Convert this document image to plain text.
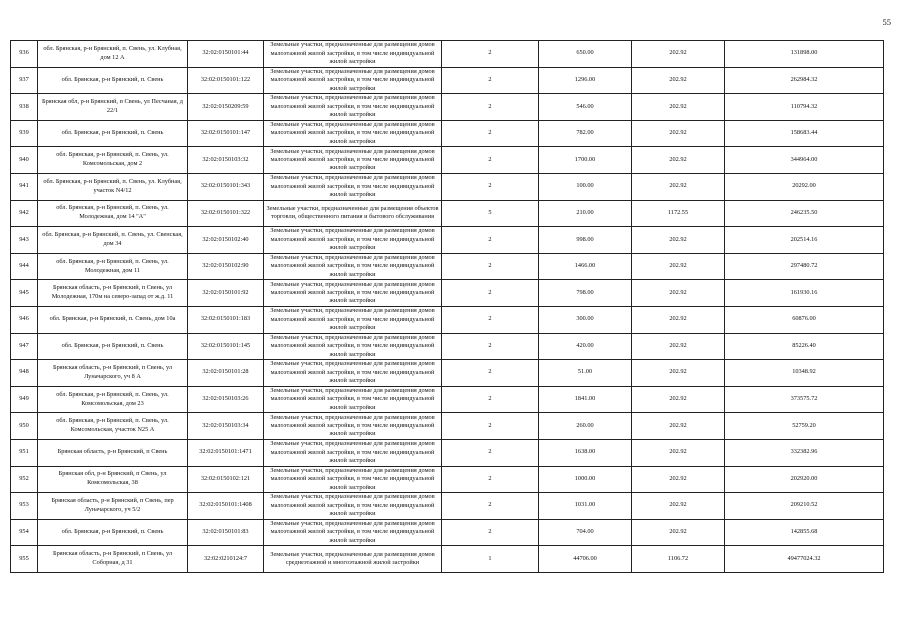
55
936	обл. Брянская, р-н Брянский, п. Свень, ул. Клубная, дом 12 А	32:02:0150101:44	Земельные участки, предназначенные для размещения домов малоэтажной жилой застройки, в том числе индивидуальной жилой застройки	2	650.00	202.92	131898.00
937	обл. Брянская, р-н Брянский, п. Свень	32:02:0150101:122	Земельные участки, предназначенные для размещения домов малоэтажной жилой застройки, в том числе индивидуальной жилой застройки	2	1296.00	202.92	262984.32
938	Брянская обл, р-н Брянский, п Свень, ул Песчаная, д 22/1	32:02:0150209:59	Земельные участки, предназначенные для размещения домов малоэтажной жилой застройки, в том числе индивидуальной жилой застройки	2	546.00	202.92	110794.32
939	обл. Брянская, р-н Брянский, п. Свень	32:02:0150101:147	Земельные участки, предназначенные для размещения домов малоэтажной жилой застройки, в том числе индивидуальной жилой застройки	2	782.00	202.92	158683.44
940	обл. Брянская, р-н Брянский, п. Свень, ул. Комсомольская, дом 2	32:02:0150103:32	Земельные участки, предназначенные для размещения домов малоэтажной жилой застройки, в том числе индивидуальной жилой застройки	2	1700.00	202.92	344964.00
941	обл. Брянская, р-н Брянский, п. Свень, ул. Клубная, участок N4/12	32:02:0150101:343	Земельные участки, предназначенные для размещения домов малоэтажной жилой застройки, в том числе индивидуальной жилой застройки	2	100.00	202.92	20292.00
942	обл. Брянская, р-н Брянский, п. Свень, ул. Молодежная, дом 14 "А"	32:02:0150101:322	Земельные участки, предназначенные для размещения объектов торговли, общественного питания и бытового обслуживания	5	210.00	1172.55	246235.50
943	обл. Брянская, р-н Брянский, п. Свень, ул. Свенская, дом 34	32:02:0150102:40	Земельные участки, предназначенные для размещения домов малоэтажной жилой застройки, в том числе индивидуальной жилой застройки	2	998.00	202.92	202514.16
944	обл. Брянская, р-н Брянский, п. Свень, ул. Молодежная, дом 11	32:02:0150102:90	Земельные участки, предназначенные для размещения домов малоэтажной жилой застройки, в том числе индивидуальной жилой застройки	2	1466.00	202.92	297480.72
945	Брянская область, р-н Брянский, п Свень, ул Молодежная, 170м на северо-запад от ж.д. 11	32:02:0150101:92	Земельные участки, предназначенные для размещения домов малоэтажной жилой застройки, в том числе индивидуальной жилой застройки	2	798.00	202.92	161930.16
946	обл. Брянская, р-н Брянский, п. Свень, дом 10а	32:02:0150101:183	Земельные участки, предназначенные для размещения домов малоэтажной жилой застройки, в том числе индивидуальной жилой застройки	2	300.00	202.92	60876.00
947	обл. Брянская, р-н Брянский, п. Свень	32:02:0150101:145	Земельные участки, предназначенные для размещения домов малоэтажной жилой застройки, в том числе индивидуальной жилой застройки	2	420.00	202.92	85226.40
948	Брянская область, р-н Брянский, п Свень, ул Луначарского, уч 8 А	32:02:0150101:28	Земельные участки, предназначенные для размещения домов малоэтажной жилой застройки, в том числе индивидуальной жилой застройки	2	51.00	202.92	10348.92
949	обл. Брянская, р-н Брянский, п. Свень, ул. Комсомольская, дом 23	32:02:0150103:26	Земельные участки, предназначенные для размещения домов малоэтажной жилой застройки, в том числе индивидуальной жилой застройки	2	1841.00	202.92	373575.72
950	обл. Брянская, р-н Брянский, п. Свень, ул. Комсомольская, участок N25 А	32:02:0150103:34	Земельные участки, предназначенные для размещения домов малоэтажной жилой застройки, в том числе индивидуальной жилой застройки	2	260.00	202.92	52759.20
951	Брянская область, р-н Брянский, п Свень	32:02:0150101:1471	Земельные участки, предназначенные для размещения домов малоэтажной жилой застройки, в том числе индивидуальной жилой застройки	2	1638.00	202.92	332382.96
952	Брянская обл, р-н Брянский, п Свень, ул Комсомольская, 38	32:02:0150102:121	Земельные участки, предназначенные для размещения домов малоэтажной жилой застройки, в том числе индивидуальной жилой застройки	2	1000.00	202.92	202920.00
953	Брянская область, р-н Брянский, п Свень, пер Луначарского, уч 5/2	32:02:0150101:1408	Земельные участки, предназначенные для размещения домов малоэтажной жилой застройки, в том числе индивидуальной жилой застройки	2	1031.00	202.92	209210.52
954	обл. Брянская, р-н Брянский, п. Свень	32:02:0150101:83	Земельные участки, предназначенные для размещения домов малоэтажной жилой застройки, в том числе индивидуальной жилой застройки	2	704.00	202.92	142855.68
955	Брянская область, р-н Брянский, п Свень, ул Соборная, д 31	32:02:0210124:7	Земельные участки, предназначенные для размещения домов среднеэтажной и многоэтажной жилой застройки	1	44706.00	1106.72	49477024.32
